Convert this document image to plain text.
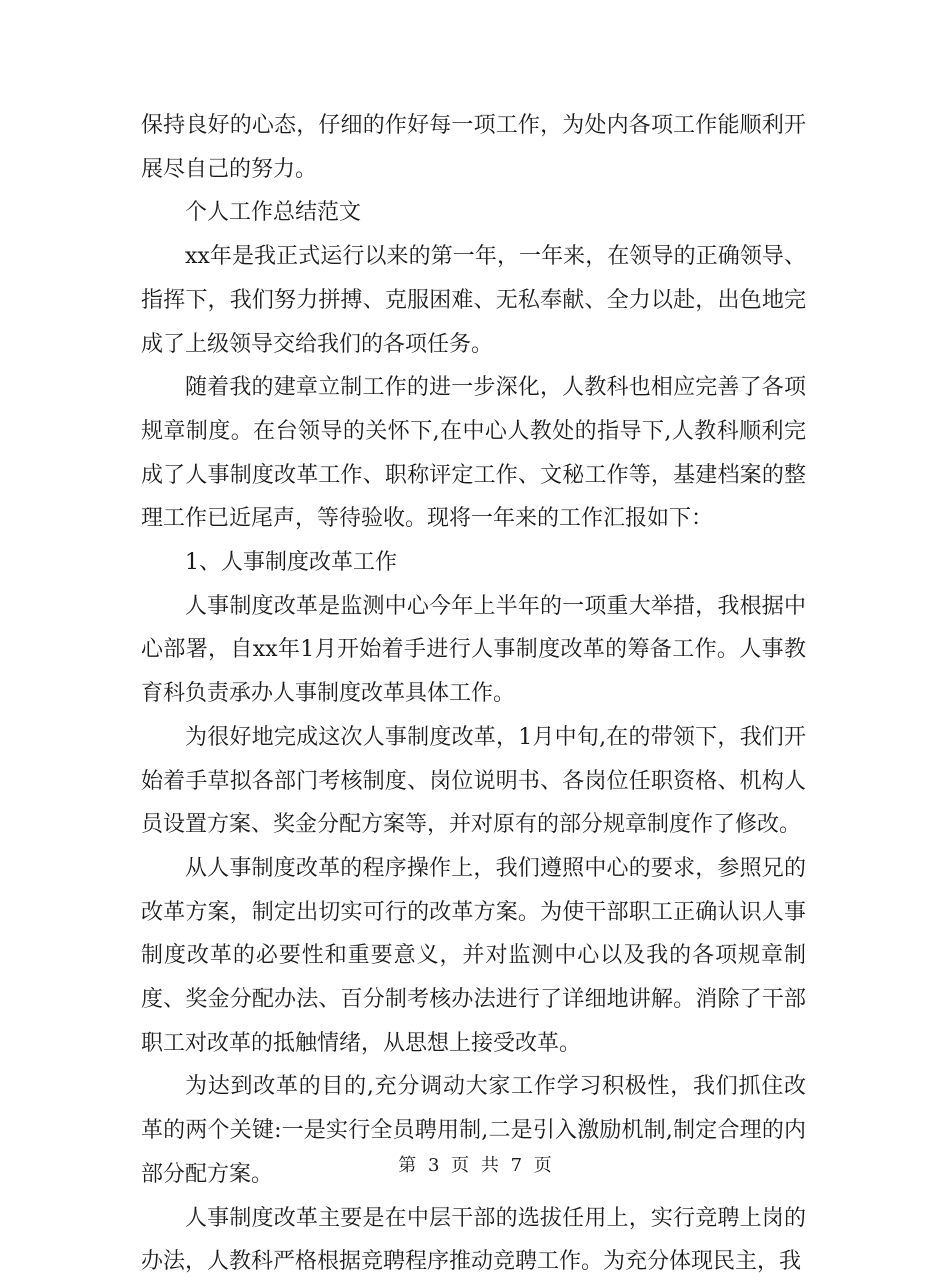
保持良好的心态，仔细的作好每一项工作，为处内各项工作能顺利开展尽自己的努力。

个人工作总结范文

xx年是我正式运行以来的第一年，一年来，在领导的正确领导、指挥下，我们努力拼搏、克服困难、无私奉献、全力以赴，出色地完成了上级领导交给我们的各项任务。

随着我的建章立制工作的进一步深化，人教科也相应完善了各项规章制度。在台领导的关怀下,在中心人教处的指导下,人教科顺利完成了人事制度改革工作、职称评定工作、文秘工作等，基建档案的整理工作已近尾声，等待验收。现将一年来的工作汇报如下：

1、人事制度改革工作

人事制度改革是监测中心今年上半年的一项重大举措，我根据中心部署，自xx年1月开始着手进行人事制度改革的筹备工作。人事教育科负责承办人事制度改革具体工作。

为很好地完成这次人事制度改革，1月中旬,在的带领下，我们开始着手草拟各部门考核制度、岗位说明书、各岗位任职资格、机构人员设置方案、奖金分配方案等，并对原有的部分规章制度作了修改。

从人事制度改革的程序操作上，我们遵照中心的要求，参照兄的改革方案，制定出切实可行的改革方案。为使干部职工正确认识人事制度改革的必要性和重要意义，并对监测中心以及我的各项规章制度、奖金分配办法、百分制考核办法进行了详细地讲解。消除了干部职工对改革的抵触情绪，从思想上接受改革。

为达到改革的目的,充分调动大家工作学习积极性，我们抓住改革的两个关键:一是实行全员聘用制,二是引入激励机制,制定合理的内部分配方案。

人事制度改革主要是在中层干部的选拔任用上，实行竞聘上岗的办法，人教科严格根据竞聘程序推动竞聘工作。为充分体现民主，我

第 3 页 共 7 页
